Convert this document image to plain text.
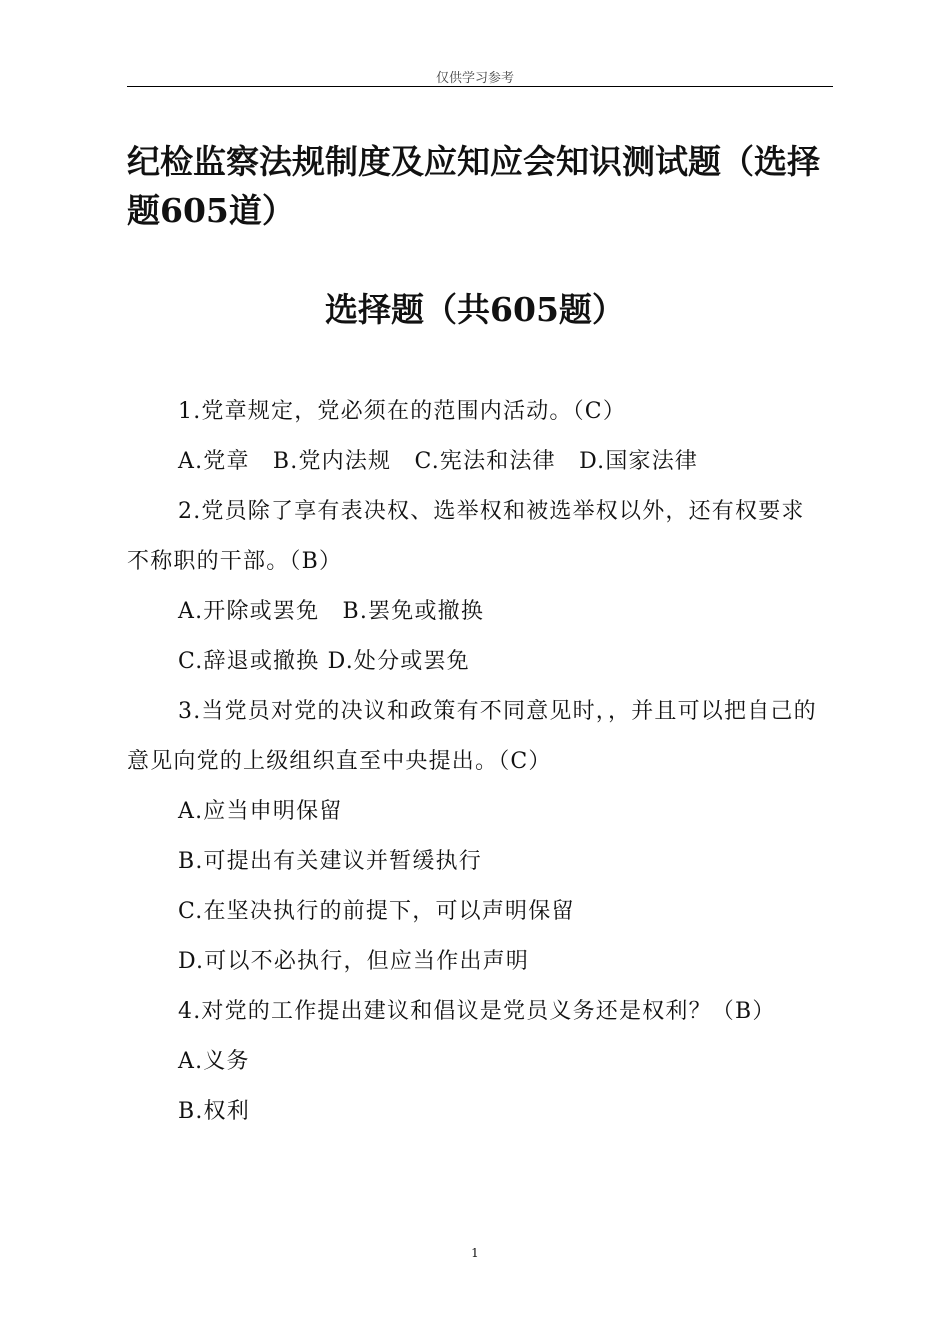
仅供学习参考
纪检监察法规制度及应知应会知识测试题（选择题605道）
选择题（共605题）

1.党章规定，党必须在的范围内活动。（C）

A.党章　B.党内法规　C.宪法和法律　D.国家法律

2.党员除了享有表决权、选举权和被选举权以外，还有权要求不称职的干部。（B）

A.开除或罢免　B.罢免或撤换

C.辞退或撤换 D.处分或罢免

3.当党员对党的决议和政策有不同意见时，，并且可以把自己的意见向党的上级组织直至中央提出。（C）

A.应当申明保留

B.可提出有关建议并暂缓执行

C.在坚决执行的前提下，可以声明保留

D.可以不必执行，但应当作出声明

4.对党的工作提出建议和倡议是党员义务还是权利？（B）

A.义务

B.权利

1
